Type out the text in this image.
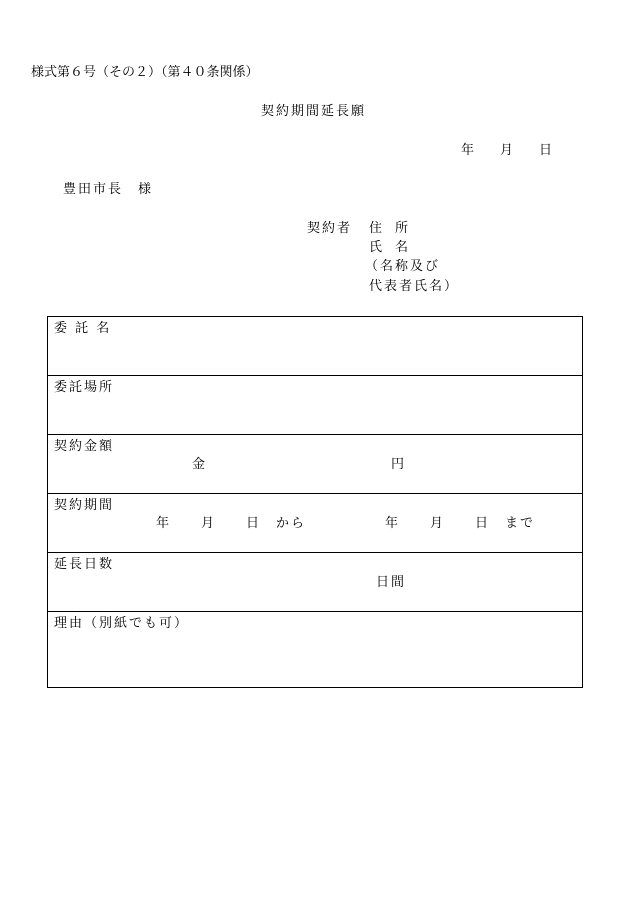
様式第６号（その２）（第４０条関係）
契約期間延長願
年　　月　　日
豊田市長　様
契約者 住　所
氏　名
（名称及び
代表者氏名）
委 託 名
委託場所
契約金額
金	円
契約期間
年　　月　　日　から	年　　月　　日　まで
延長日数
日間
理由（別紙でも可）
